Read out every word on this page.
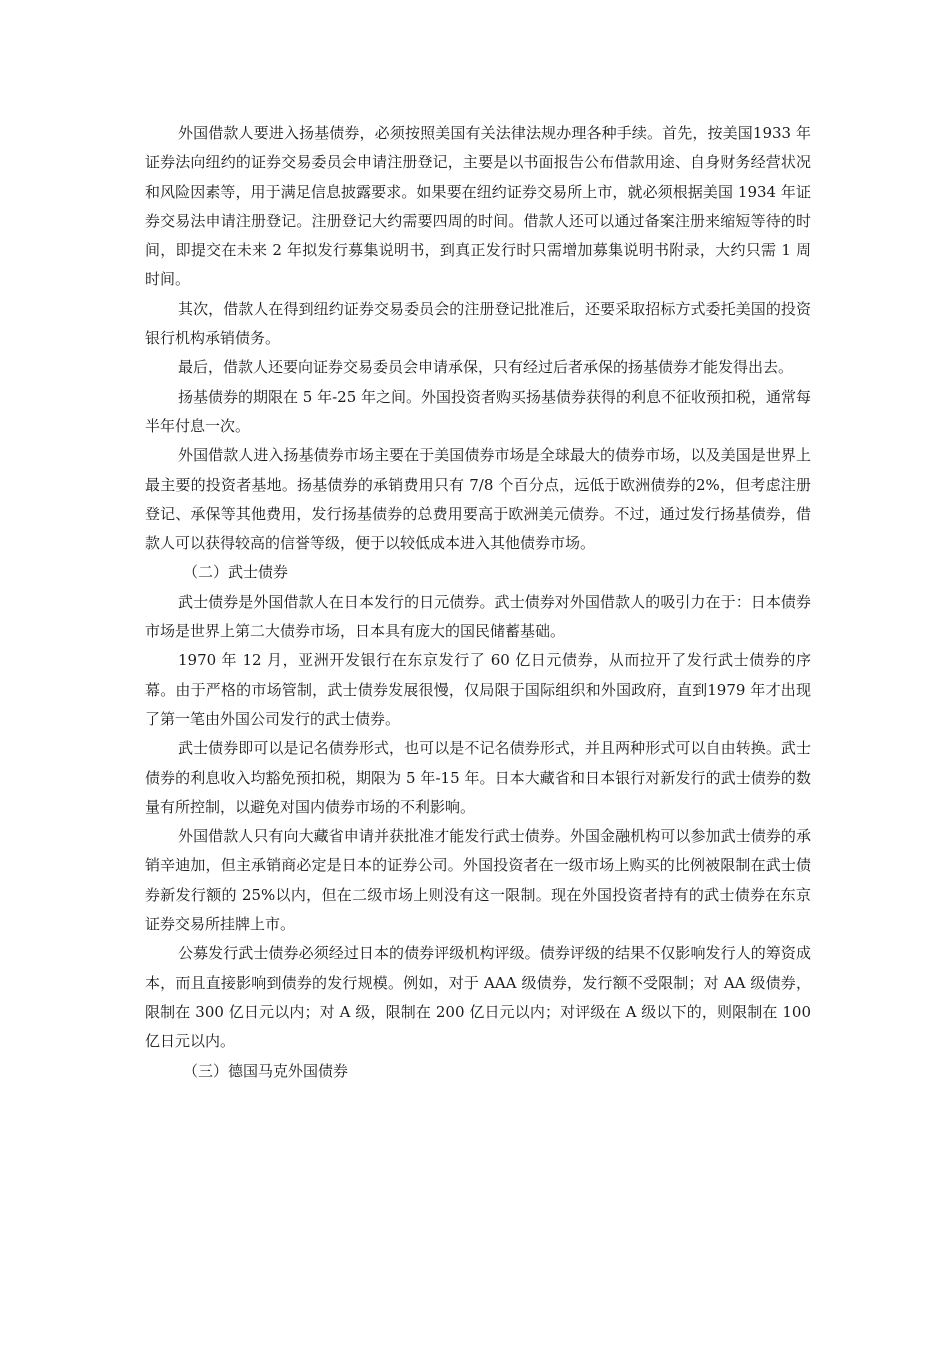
外国借款人要进入扬基债券，必须按照美国有关法律法规办理各种手续。首先，按美国1933 年证券法向纽约的证券交易委员会申请注册登记，主要是以书面报告公布借款用途、自身财务经营状况和风险因素等，用于满足信息披露要求。如果要在纽约证券交易所上市，就必须根据美国 1934 年证券交易法申请注册登记。注册登记大约需要四周的时间。借款人还可以通过备案注册来缩短等待的时间，即提交在未来 2 年拟发行募集说明书，到真正发行时只需增加募集说明书附录，大约只需 1 周时间。

其次，借款人在得到纽约证券交易委员会的注册登记批准后，还要采取招标方式委托美国的投资银行机构承销债务。

最后，借款人还要向证券交易委员会申请承保，只有经过后者承保的扬基债券才能发得出去。

扬基债券的期限在 5 年-25 年之间。外国投资者购买扬基债券获得的利息不征收预扣税，通常每半年付息一次。

外国借款人进入扬基债券市场主要在于美国债券市场是全球最大的债券市场，以及美国是世界上最主要的投资者基地。扬基债券的承销费用只有 7/8 个百分点，远低于欧洲债券的2%，但考虑注册登记、承保等其他费用，发行扬基债券的总费用要高于欧洲美元债券。不过，通过发行扬基债券，借款人可以获得较高的信誉等级，便于以较低成本进入其他债券市场。

（二）武士债券

武士债券是外国借款人在日本发行的日元债券。武士债券对外国借款人的吸引力在于：日本债券市场是世界上第二大债券市场，日本具有庞大的国民储蓄基础。

1970 年 12 月，亚洲开发银行在东京发行了 60 亿日元债券，从而拉开了发行武士债券的序幕。由于严格的市场管制，武士债券发展很慢，仅局限于国际组织和外国政府，直到1979 年才出现了第一笔由外国公司发行的武士债券。

武士债券即可以是记名债券形式，也可以是不记名债券形式，并且两种形式可以自由转换。武士债券的利息收入均豁免预扣税，期限为 5 年-15 年。日本大藏省和日本银行对新发行的武士债券的数量有所控制，以避免对国内债券市场的不利影响。

外国借款人只有向大藏省申请并获批准才能发行武士债券。外国金融机构可以参加武士债券的承销辛迪加，但主承销商必定是日本的证券公司。外国投资者在一级市场上购买的比例被限制在武士债券新发行额的 25%以内，但在二级市场上则没有这一限制。现在外国投资者持有的武士债券在东京证券交易所挂牌上市。

公募发行武士债券必须经过日本的债券评级机构评级。债券评级的结果不仅影响发行人的筹资成本，而且直接影响到债券的发行规模。例如，对于 AAA 级债券，发行额不受限制；对 AA 级债券，限制在 300 亿日元以内；对 A 级，限制在 200 亿日元以内；对评级在 A 级以下的，则限制在 100 亿日元以内。

（三）德国马克外国债券
